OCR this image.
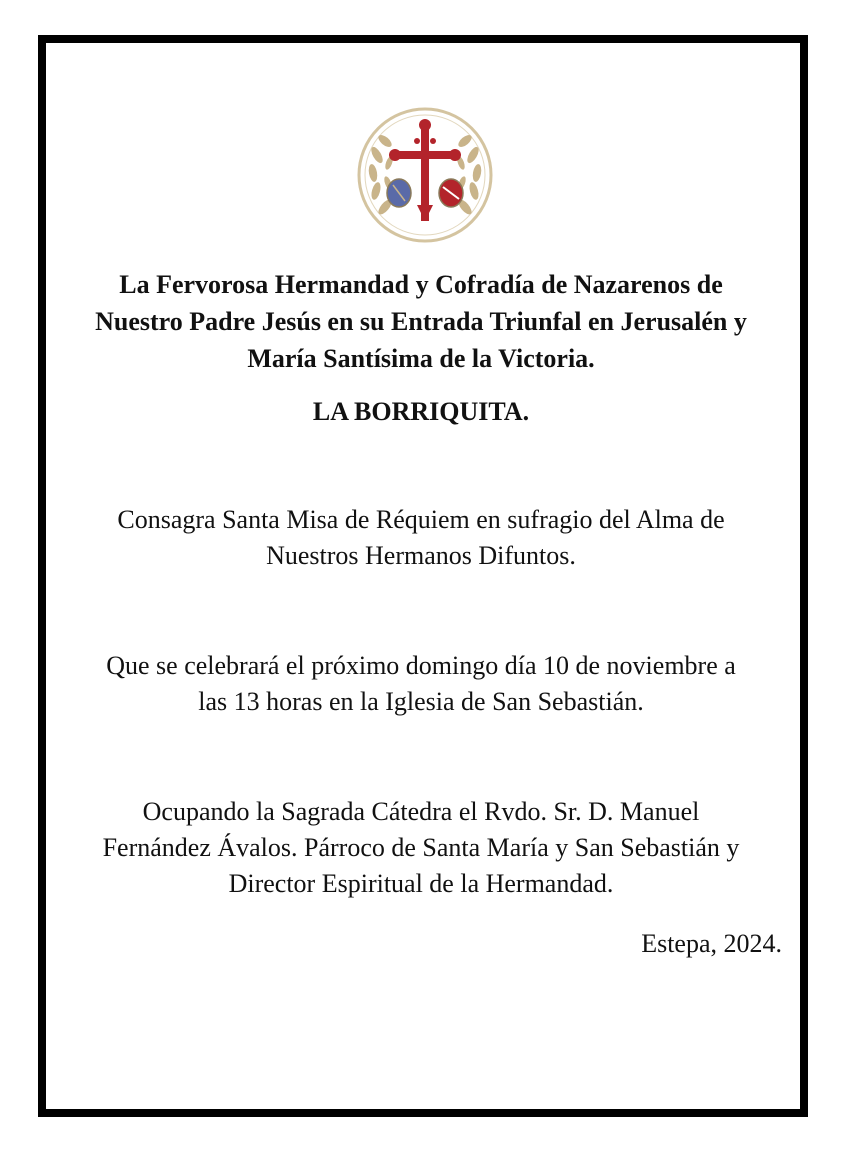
La Fervorosa Hermandad y Cofradía de Nazarenos de
Nuestro Padre Jesús en su Entrada Triunfal en Jerusalén y
María Santísima de la Victoria.
LA BORRIQUITA.
Consagra Santa Misa de Réquiem en sufragio del Alma de
Nuestros Hermanos Difuntos.
Que se celebrará el próximo domingo día 10 de noviembre a
las 13 horas en la Iglesia de San Sebastián.
Ocupando la Sagrada Cátedra el Rvdo. Sr. D. Manuel
Fernández Ávalos. Párroco de Santa María y San Sebastián y
Director Espiritual de la Hermandad.

Estepa, 2024.
